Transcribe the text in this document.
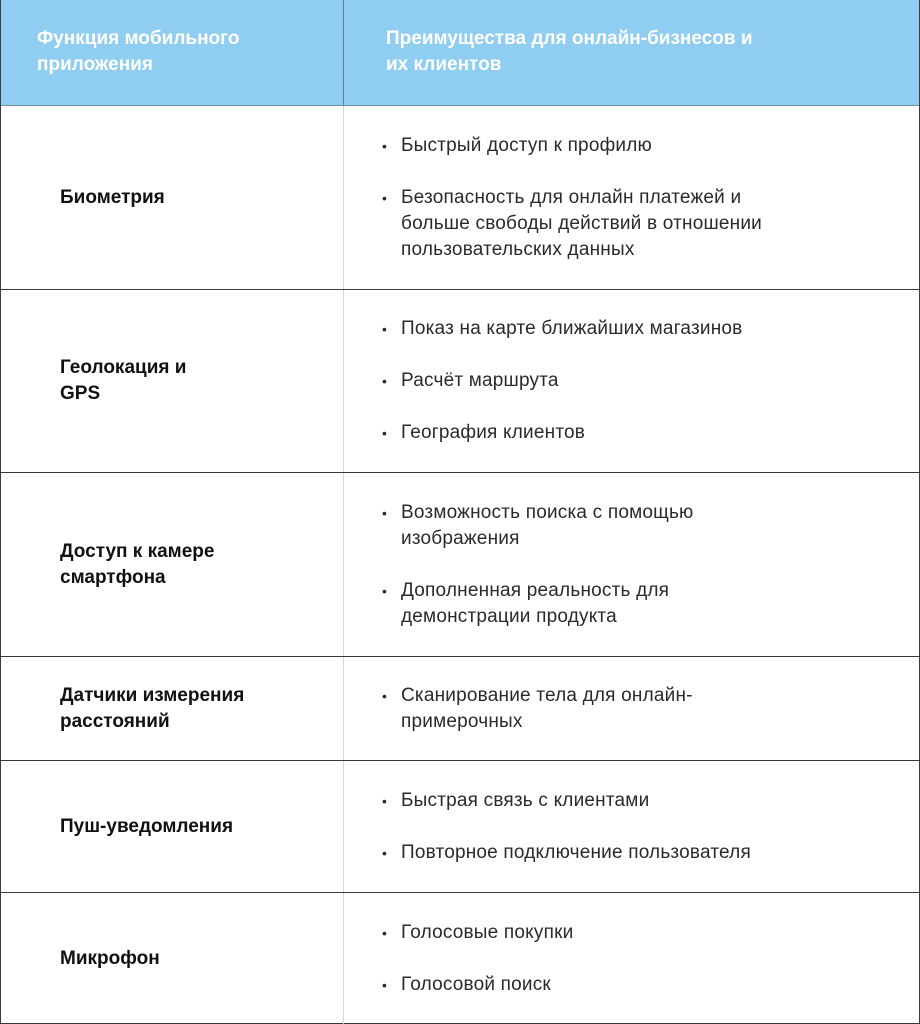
Функция мобильного
приложения
Преимущества для онлайн-бизнесов и
их клиентов
Биометрия
• Быстрый доступ к профилю
• Безопасность для онлайн платежей и
больше свободы действий в отношении
пользовательских данных
Геолокация и
GPS
• Показ на карте ближайших магазинов
• Расчёт маршрута
• География клиентов
Доступ к камере
смартфона
• Возможность поиска с помощью
изображения
• Дополненная реальность для
демонстрации продукта
Датчики измерения
расстояний
• Сканирование тела для онлайн-
примерочных
Пуш-уведомления
• Быстрая связь с клиентами
• Повторное подключение пользователя
Микрофон
• Голосовые покупки
• Голосовой поиск
